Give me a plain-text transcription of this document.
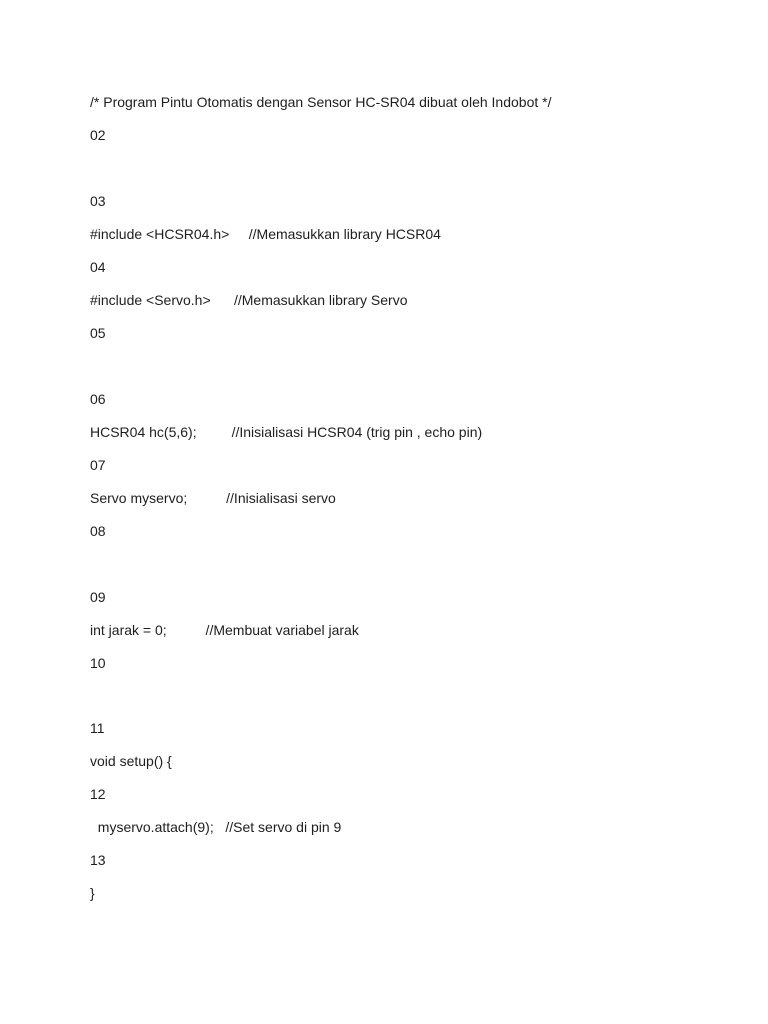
/* Program Pintu Otomatis dengan Sensor HC-SR04 dibuat oleh Indobot */
02
03
#include <HCSR04.h>     //Memasukkan library HCSR04
04
#include <Servo.h>      //Memasukkan library Servo
05
06
HCSR04 hc(5,6);         //Inisialisasi HCSR04 (trig pin , echo pin)
07
Servo myservo;          //Inisialisasi servo
08
09
int jarak = 0;          //Membuat variabel jarak
10
11
void setup() {
12
myservo.attach(9);   //Set servo di pin 9
13
}
